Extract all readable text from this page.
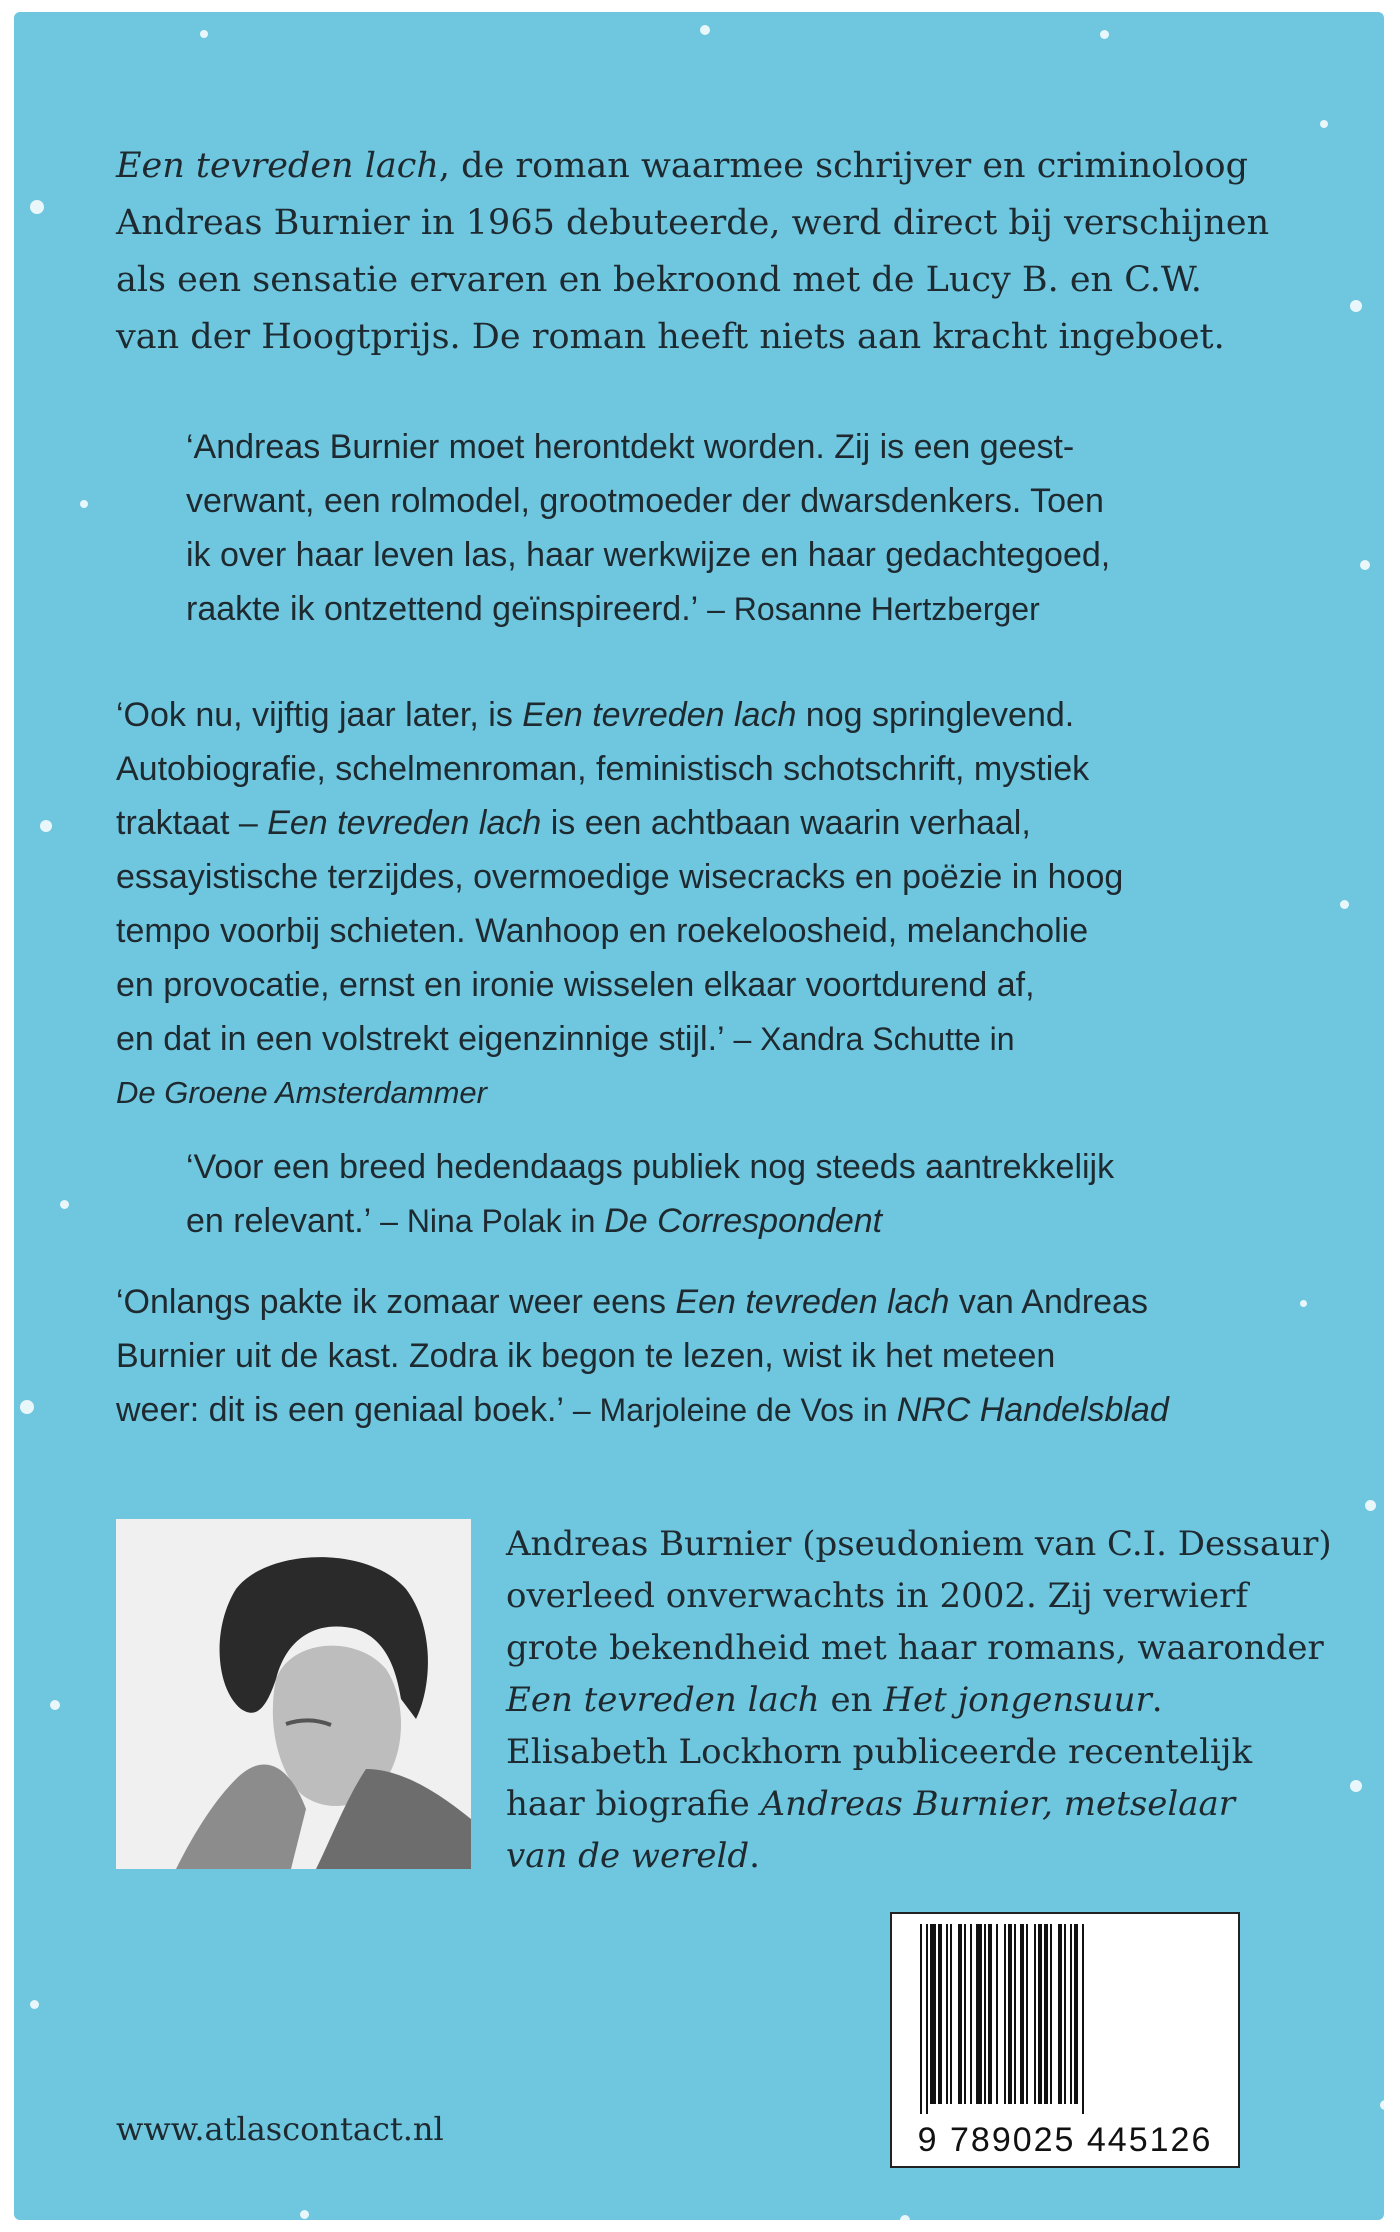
Een tevreden lach, de roman waarmee schrijver en criminoloog
Andreas Burnier in 1965 debuteerde, werd direct bij verschijnen
als een sensatie ervaren en bekroond met de Lucy B. en C.W.
van der Hoogtprijs. De roman heeft niets aan kracht ingeboet.
‘Andreas Burnier moet herontdekt worden. Zij is een geest-
verwant, een rolmodel, grootmoeder der dwarsdenkers. Toen
ik over haar leven las, haar werkwijze en haar gedachtegoed,
raakte ik ontzettend geïnspireerd.’ – Rosanne Hertzberger
‘Ook nu, vijftig jaar later, is Een tevreden lach nog springlevend.
Autobiografie, schelmenroman, feministisch schotschrift, mystiek
traktaat – Een tevreden lach is een achtbaan waarin verhaal,
essayistische terzijdes, overmoedige wisecracks en poëzie in hoog
tempo voorbij schieten. Wanhoop en roekeloosheid, melancholie
en provocatie, ernst en ironie wisselen elkaar voortdurend af,
en dat in een volstrekt eigenzinnige stijl.’ – Xandra Schutte in
De Groene Amsterdammer
‘Voor een breed hedendaags publiek nog steeds aantrekkelijk
en relevant.’ – Nina Polak in De Correspondent
‘Onlangs pakte ik zomaar weer eens Een tevreden lach van Andreas
Burnier uit de kast. Zodra ik begon te lezen, wist ik het meteen
weer: dit is een geniaal boek.’ – Marjoleine de Vos in NRC Handelsblad
Andreas Burnier (pseudoniem van C.I. Dessaur)
overleed onverwachts in 2002. Zij verwierf
grote bekendheid met haar romans, waaronder
Een tevreden lach en Het jongensuur.
Elisabeth Lockhorn publiceerde recentelijk
haar biografie Andreas Burnier, metselaar
van de wereld.
www.atlascontact.nl	9 789025 445126
